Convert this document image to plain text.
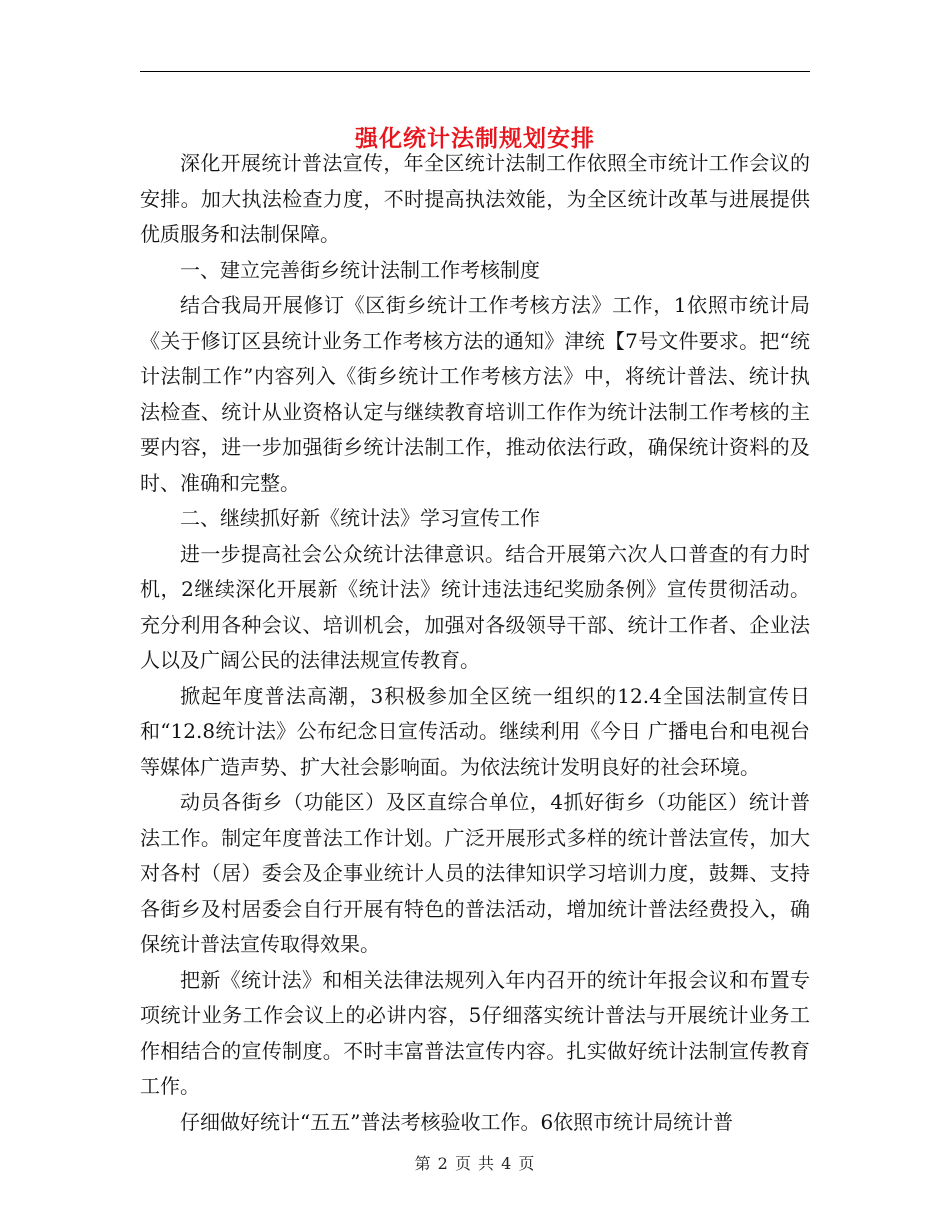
强化统计法制规划安排

深化开展统计普法宣传，年全区统计法制工作依照全市统计工作会议的安排。加大执法检查力度，不时提高执法效能，为全区统计改革与进展提供优质服务和法制保障。

一、建立完善街乡统计法制工作考核制度

结合我局开展修订《区街乡统计工作考核方法》工作，1依照市统计局《关于修订区县统计业务工作考核方法的通知》津统【7号文件要求。把“统计法制工作”内容列入《街乡统计工作考核方法》中，将统计普法、统计执法检查、统计从业资格认定与继续教育培训工作作为统计法制工作考核的主要内容，进一步加强街乡统计法制工作，推动依法行政，确保统计资料的及时、准确和完整。

二、继续抓好新《统计法》学习宣传工作

进一步提高社会公众统计法律意识。结合开展第六次人口普查的有力时机，2继续深化开展新《统计法》统计违法违纪奖励条例》宣传贯彻活动。充分利用各种会议、培训机会，加强对各级领导干部、统计工作者、企业法人以及广阔公民的法律法规宣传教育。

掀起年度普法高潮，3积极参加全区统一组织的12.4全国法制宣传日和“12.8统计法》公布纪念日宣传活动。继续利用《今日 广播电台和电视台等媒体广造声势、扩大社会影响面。为依法统计发明良好的社会环境。

动员各街乡（功能区）及区直综合单位，4抓好街乡（功能区）统计普法工作。制定年度普法工作计划。广泛开展形式多样的统计普法宣传，加大对各村（居）委会及企事业统计人员的法律知识学习培训力度，鼓舞、支持各街乡及村居委会自行开展有特色的普法活动，增加统计普法经费投入，确保统计普法宣传取得效果。

把新《统计法》和相关法律法规列入年内召开的统计年报会议和布置专项统计业务工作会议上的必讲内容，5仔细落实统计普法与开展统计业务工作相结合的宣传制度。不时丰富普法宣传内容。扎实做好统计法制宣传教育工作。

仔细做好统计“五五”普法考核验收工作。6依照市统计局统计普

第 2 页 共 4 页
